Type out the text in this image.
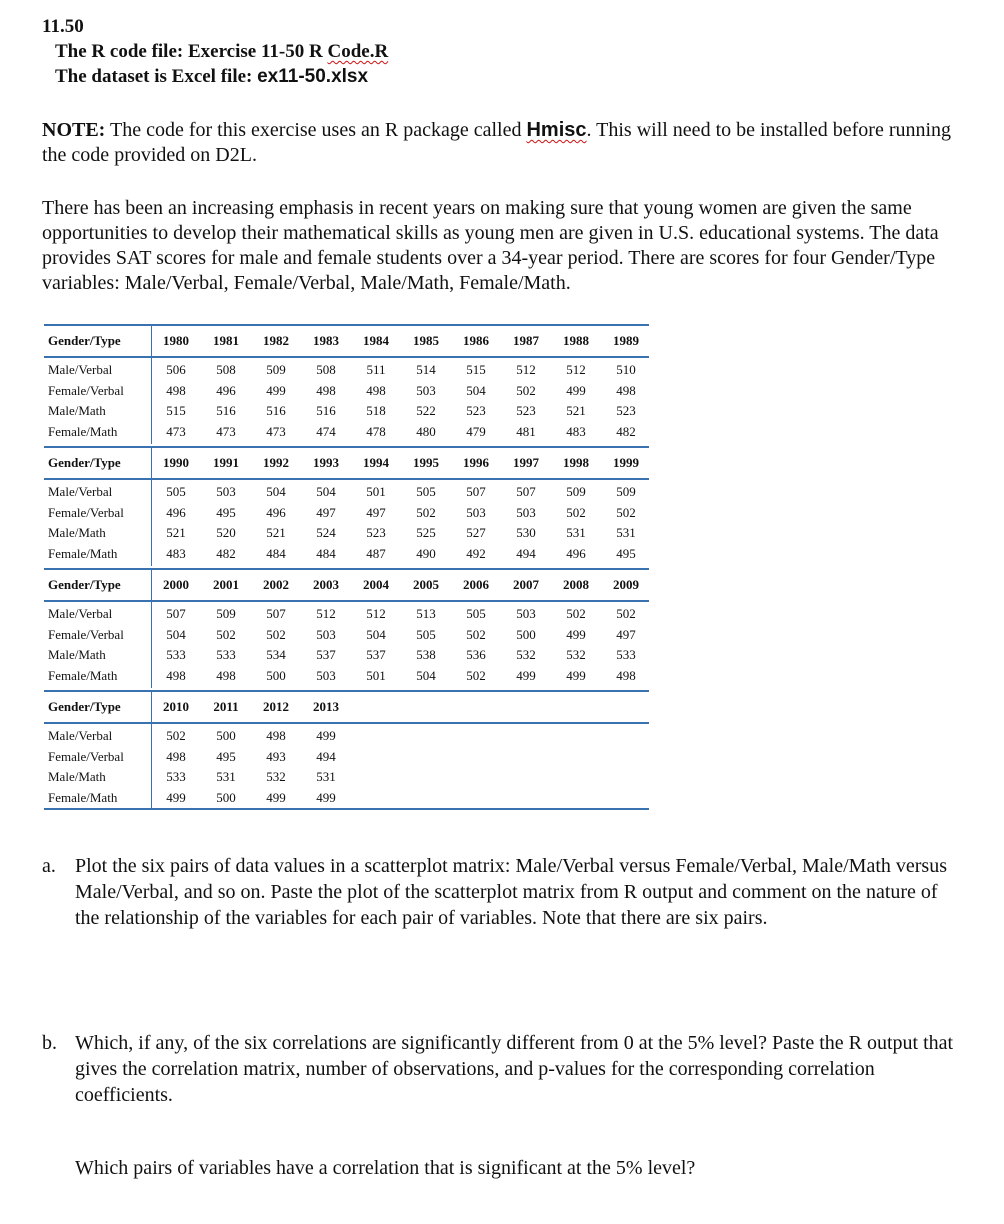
11.50
The R code file: Exercise 11-50 R Code.R
The dataset is Excel file: ex11-50.xlsx
NOTE: The code for this exercise uses an R package called Hmisc. This will need to be installed before running the code provided on D2L.
There has been an increasing emphasis in recent years on making sure that young women are given the same opportunities to develop their mathematical skills as young men are given in U.S. educational systems. The data provides SAT scores for male and female students over a 34-year period. There are scores for four Gender/Type variables: Male/Verbal, Female/Verbal, Male/Math, Female/Math.
Gender/Type	1980	1981	1982	1983	1984	1985	1986	1987	1988	1989
Male/Verbal	506	508	509	508	511	514	515	512	512	510
Female/Verbal	498	496	499	498	498	503	504	502	499	498
Male/Math	515	516	516	516	518	522	523	523	521	523
Female/Math	473	473	473	474	478	480	479	481	483	482
Gender/Type	1990	1991	1992	1993	1994	1995	1996	1997	1998	1999
Male/Verbal	505	503	504	504	501	505	507	507	509	509
Female/Verbal	496	495	496	497	497	502	503	503	502	502
Male/Math	521	520	521	524	523	525	527	530	531	531
Female/Math	483	482	484	484	487	490	492	494	496	495
Gender/Type	2000	2001	2002	2003	2004	2005	2006	2007	2008	2009
Male/Verbal	507	509	507	512	512	513	505	503	502	502
Female/Verbal	504	502	502	503	504	505	502	500	499	497
Male/Math	533	533	534	537	537	538	536	532	532	533
Female/Math	498	498	500	503	501	504	502	499	499	498
Gender/Type	2010	2011	2012	2013
Male/Verbal	502	500	498	499
Female/Verbal	498	495	493	494
Male/Math	533	531	532	531
Female/Math	499	500	499	499
a. Plot the six pairs of data values in a scatterplot matrix: Male/Verbal versus Female/Verbal, Male/Math versus Male/Verbal, and so on. Paste the plot of the scatterplot matrix from R output and comment on the nature of the relationship of the variables for each pair of variables. Note that there are six pairs.
b. Which, if any, of the six correlations are significantly different from 0 at the 5% level? Paste the R output that gives the correlation matrix, number of observations, and p-values for the corresponding correlation coefficients.
Which pairs of variables have a correlation that is significant at the 5% level?
